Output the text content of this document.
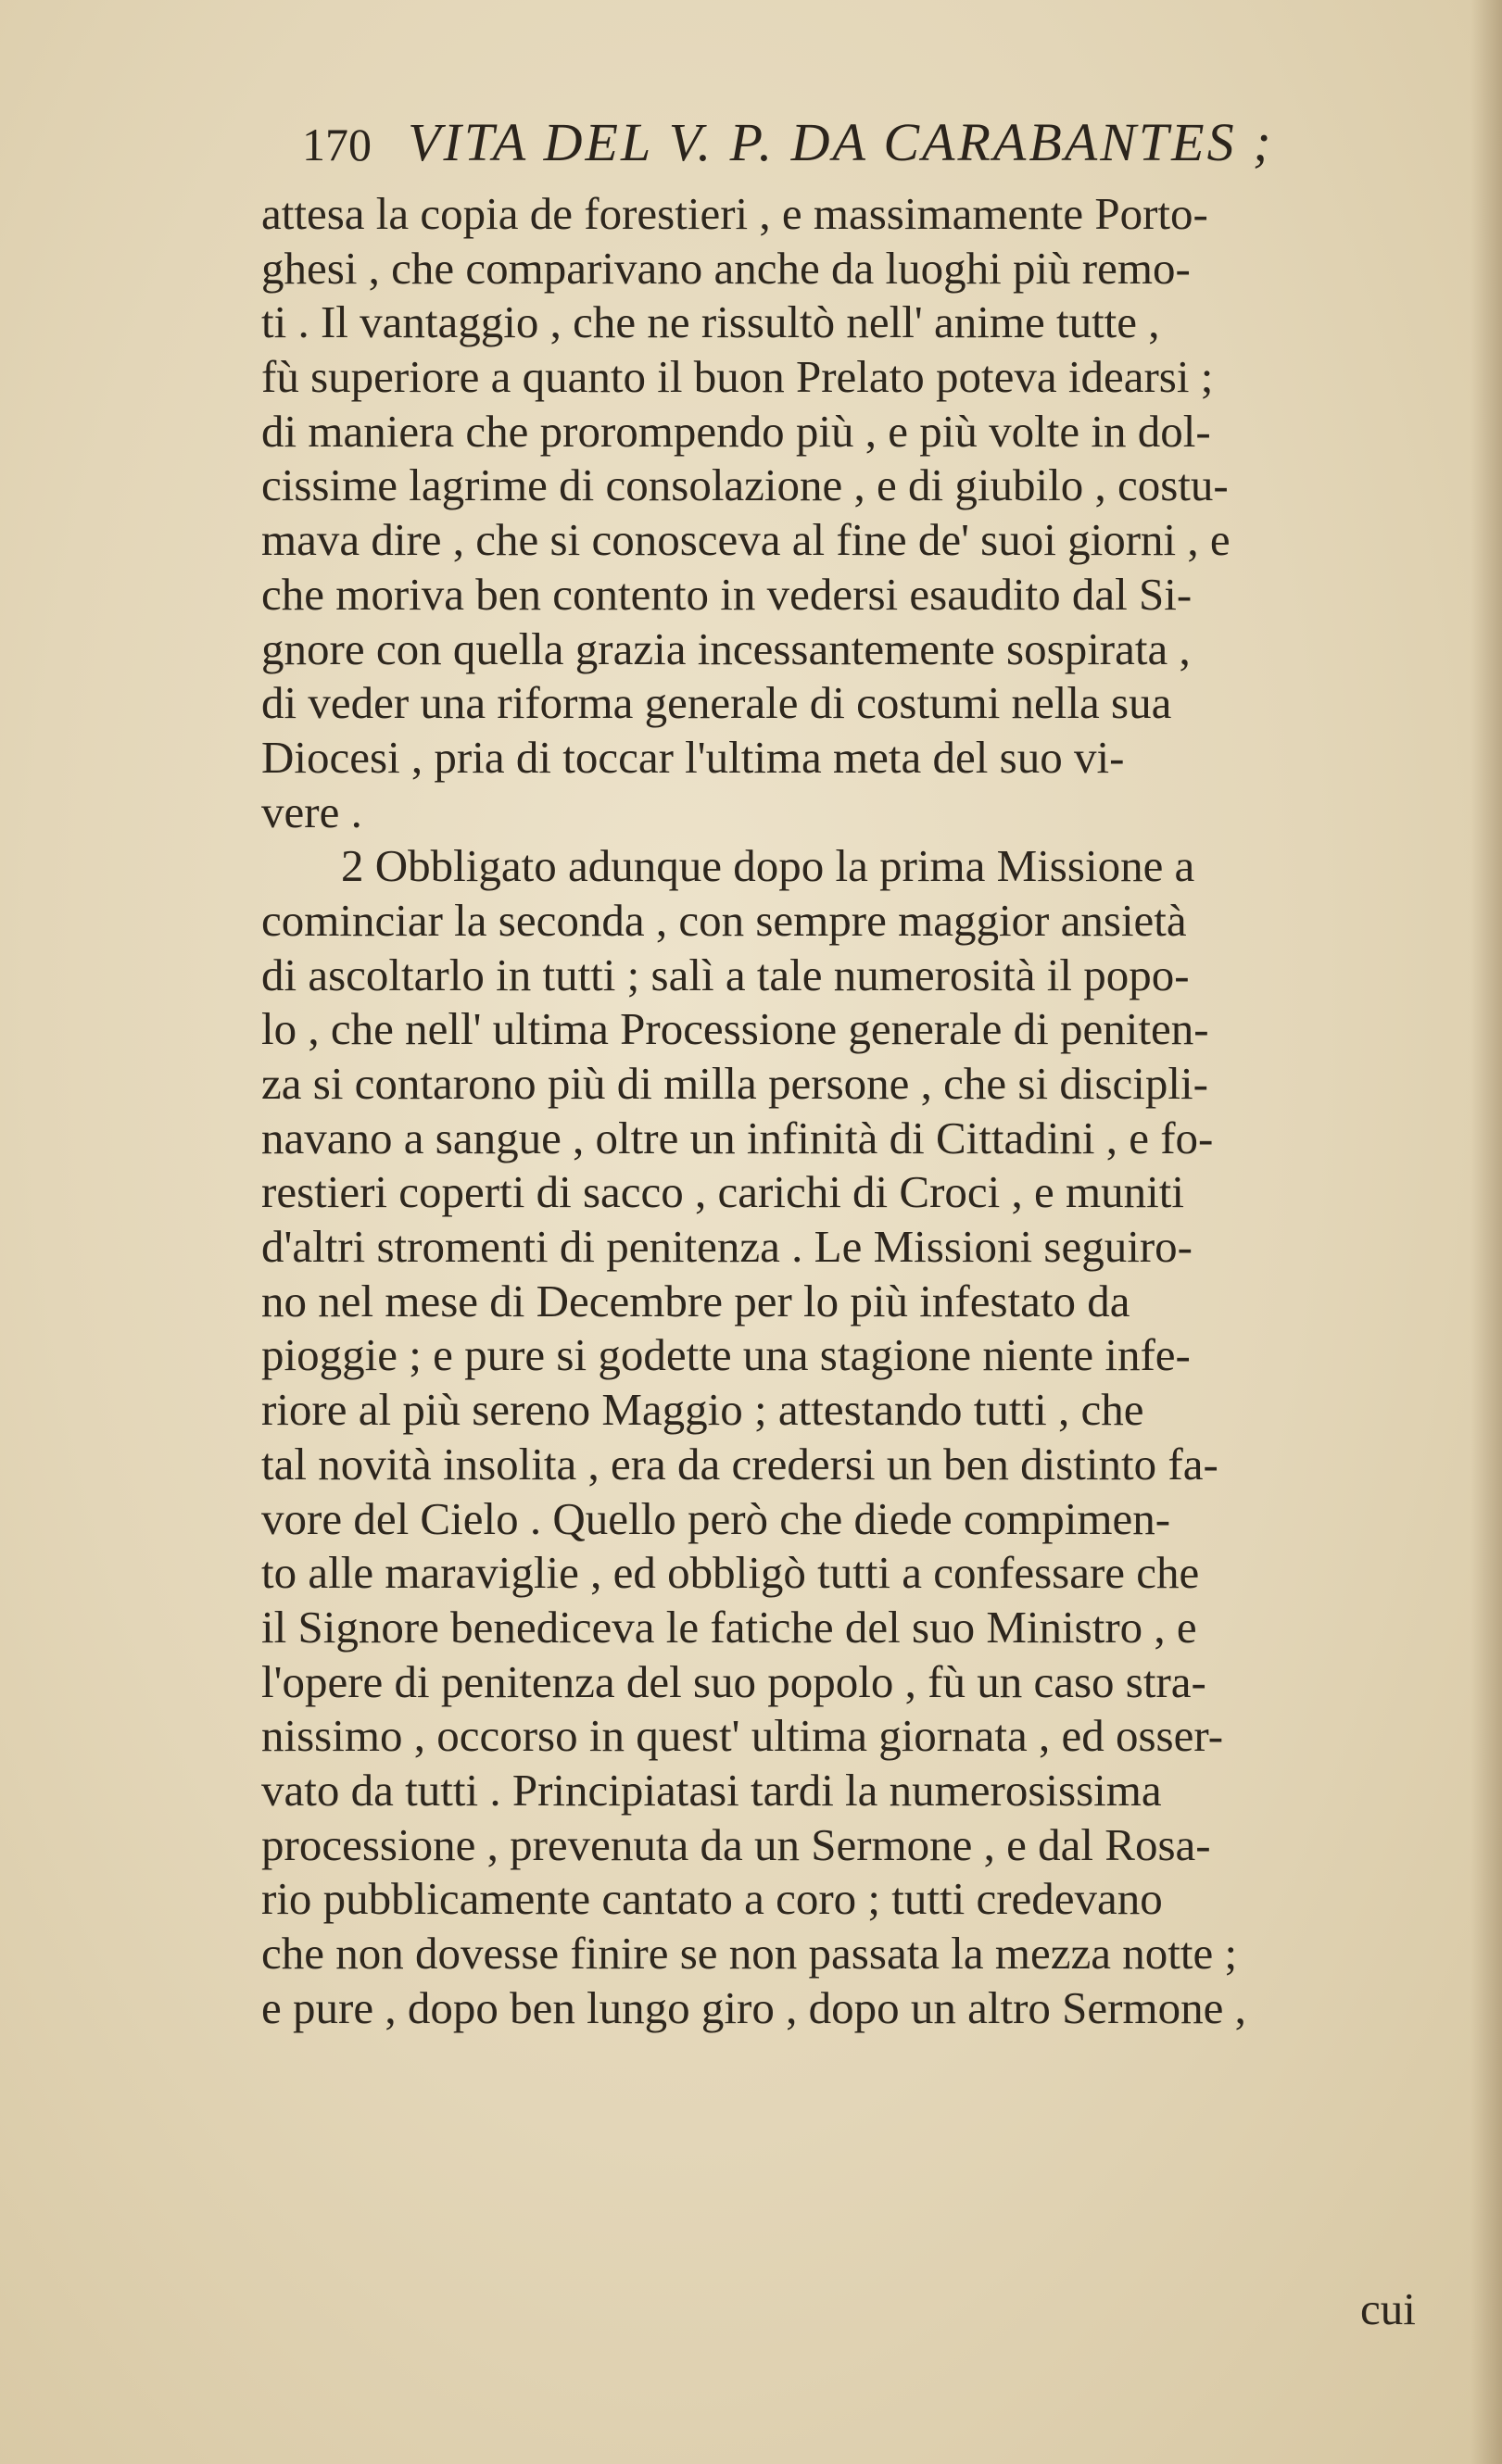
170 VITA DEL V. P. DA CARABANTES ;
attesa la copia de forestieri , e massimamente Porto-
ghesi , che comparivano anche da luoghi più remo-
ti . Il vantaggio , che ne rissultò nell' anime tutte ,
fù superiore a quanto il buon Prelato poteva idearsi ;
di maniera che prorompendo più , e più volte in dol-
cissime lagrime di consolazione , e di giubilo , costu-
mava dire , che si conosceva al fine de' suoi giorni , e
che moriva ben contento in vedersi esaudito dal Si-
gnore con quella grazia incessantemente sospirata ,
di veder una riforma generale di costumi nella sua
Diocesi , pria di toccar l'ultima meta del suo vi-
vere .
2 Obbligato adunque dopo la prima Missione a
cominciar la seconda , con sempre maggior ansietà
di ascoltarlo in tutti ; salì a tale numerosità il popo-
lo , che nell' ultima Processione generale di peniten-
za si contarono più di milla persone , che si discipli-
navano a sangue , oltre un infinità di Cittadini , e fo-
restieri coperti di sacco , carichi di Croci , e muniti
d'altri stromenti di penitenza . Le Missioni seguiro-
no nel mese di Decembre per lo più infestato da
pioggie ; e pure si godette una stagione niente infe-
riore al più sereno Maggio ; attestando tutti , che
tal novità insolita , era da credersi un ben distinto fa-
vore del Cielo . Quello però che diede compimen-
to alle maraviglie , ed obbligò tutti a confessare che
il Signore benediceva le fatiche del suo Ministro , e
l'opere di penitenza del suo popolo , fù un caso stra-
nissimo , occorso in quest' ultima giornata , ed osser-
vato da tutti . Principiatasi tardi la numerosissima
processione , prevenuta da un Sermone , e dal Rosa-
rio pubblicamente cantato a coro ; tutti credevano
che non dovesse finire se non passata la mezza notte ;
e pure , dopo ben lungo giro , dopo un altro Sermone ,
cui
